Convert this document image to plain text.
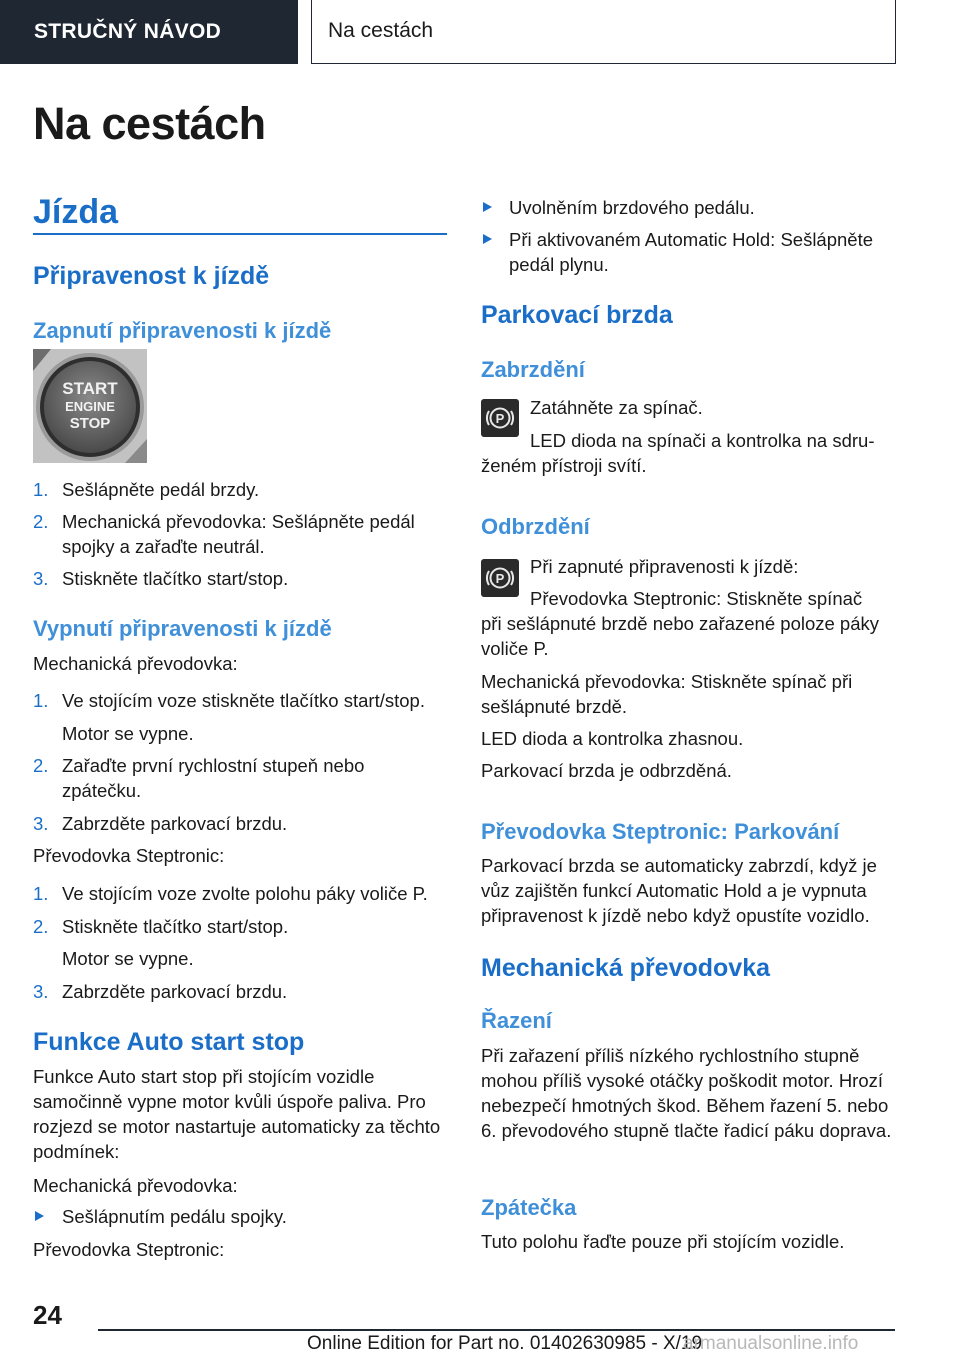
STRUČNÝ NÁVOD	Na cestách
Na cestách
Jízda
Připravenost k jízdě
Zapnutí připravenosti k jízdě
START
ENGINE
STOP
1. Sešlápněte pedál brzdy.
2. Mechanická převodovka: Sešlápněte pedál spojky a zařaďte neutrál.
3. Stiskněte tlačítko start/stop.
Vypnutí připravenosti k jízdě
Mechanická převodovka:
1. Ve stojícím voze stiskněte tlačítko start/stop.
Motor se vypne.
2. Zařaďte první rychlostní stupeň nebo zpátečku.
3. Zabrzděte parkovací brzdu.
Převodovka Steptronic:
1. Ve stojícím voze zvolte polohu páky voliče P.
2. Stiskněte tlačítko start/stop.
Motor se vypne.
3. Zabrzděte parkovací brzdu.
Funkce Auto start stop
Funkce Auto start stop při stojícím vozidle samočinně vypne motor kvůli úspoře paliva. Pro rozjezd se motor nastartuje automaticky za těchto podmínek:
Mechanická převodovka:
Sešlápnutím pedálu spojky.
Převodovka Steptronic:
Uvolněním brzdového pedálu.
Při aktivovaném Automatic Hold: Sešlápněte pedál plynu.
Parkovací brzda
Zabrzdění
P
Zatáhněte za spínač.
LED dioda na spínači a kontrolka na sdru-
ženém přístroji svítí.
Odbrzdění
P
Při zapnuté připravenosti k jízdě:
Převodovka Steptronic: Stiskněte spínač
při sešlápnuté brzdě nebo zařazené poloze páky voliče P.
Mechanická převodovka: Stiskněte spínač při sešlápnuté brzdě.
LED dioda a kontrolka zhasnou.
Parkovací brzda je odbrzděná.
Převodovka Steptronic: Parkování
Parkovací brzda se automaticky zabrzdí, když je vůz zajištěn funkcí Automatic Hold a je vypnuta připravenost k jízdě nebo když opustíte vozidlo.
Mechanická převodovka
Řazení
Při zařazení příliš nízkého rychlostního stupně mohou příliš vysoké otáčky poškodit motor. Hrozí nebezpečí hmotných škod. Během řazení 5. nebo 6. převodového stupně tlačte řadicí páku doprava.
Zpátečka
Tuto polohu řaďte pouze při stojícím vozidle.
24
Online Edition for Part no. 01402630985 - X/19
armanualsonline.info
